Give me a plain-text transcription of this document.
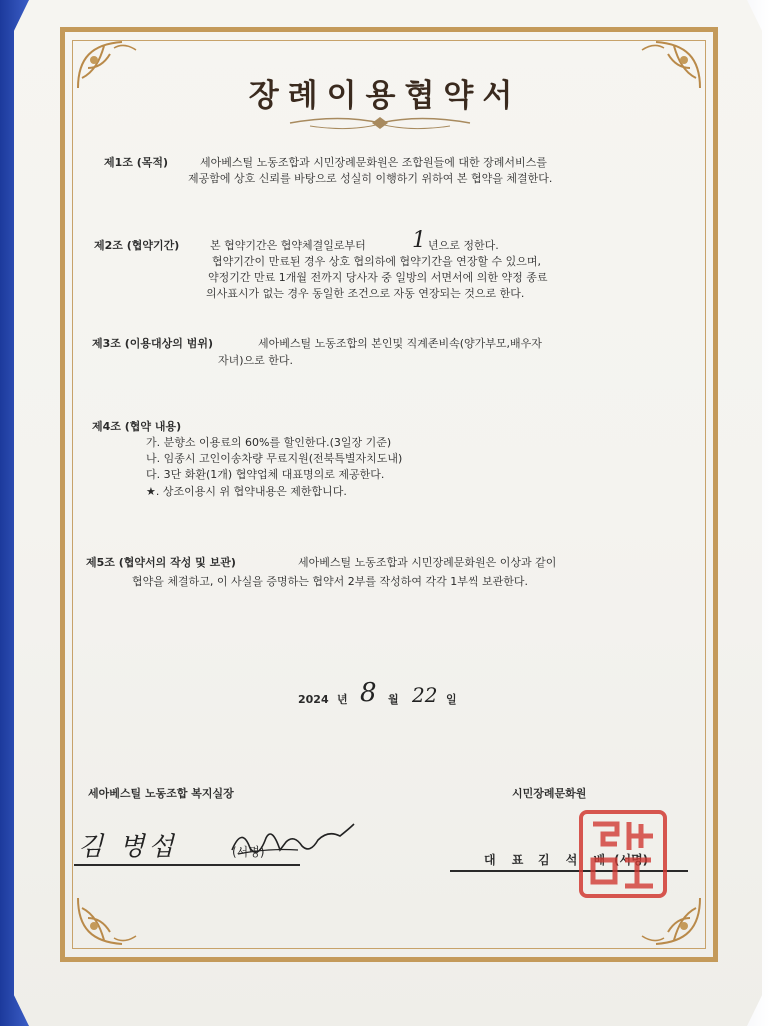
장례이용협약서
제1조 (목적)	세아베스틸 노동조합과 시민장례문화원은 조합원들에 대한 장례서비스를
제공함에 상호 신뢰를 바탕으로 성실히 이행하기 위하여 본 협약을 체결한다.
제2조 (협약기간)	본 협약기간은 협약체결일로부터 1 년으로 정한다.
협약기간이 만료된 경우 상호 협의하에 협약기간을 연장할 수 있으며,
약정기간 만료 1개월 전까지 당사자 중 일방의 서면서에 의한 약정 종료
의사표시가 없는 경우 동일한 조건으로 자동 연장되는 것으로 한다.
제3조 (이용대상의 범위)	세아베스틸 노동조합의 본인및 직계존비속(양가부모,배우자
자녀)으로 한다.
제4조 (협약 내용)
가. 분향소 이용료의 60%를 할인한다.(3일장 기준)
나. 임종시 고인이송차량 무료지원(전북특별자치도내)
다. 3단 화환(1개) 협약업체 대표명의로 제공한다.
★. 상조이용시 위 협약내용은 제한합니다.
제5조 (협약서의 작성 및 보관)	세아베스틸 노동조합과 시민장례문화원은 이상과 같이
협약을 체결하고, 이 사실을 증명하는 협약서 2부를 작성하여 각각 1부씩 보관한다.
2024 년 8 월 22 일
세아베스틸 노동조합 복지실장	시민장례문화원
김 병섭	(서명)
대 표 김 석 배 (서명)
